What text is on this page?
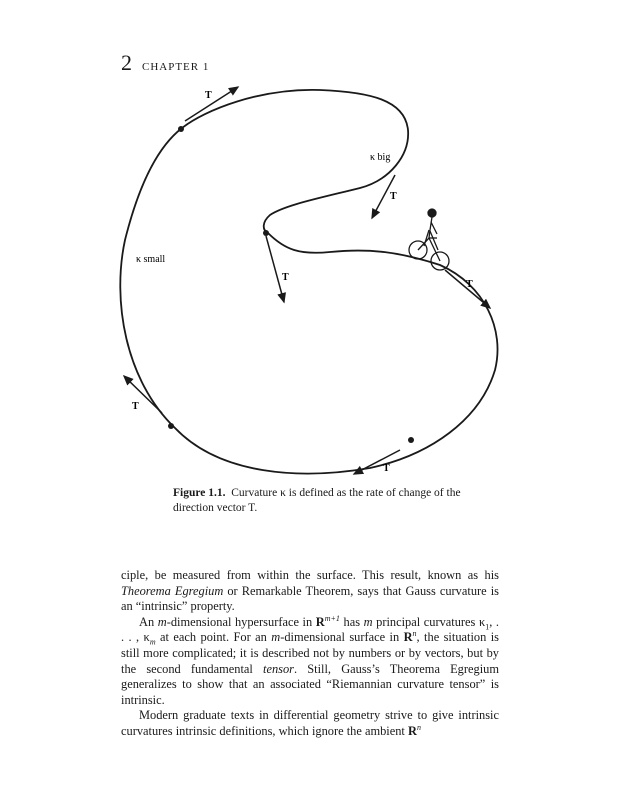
2 CHAPTER 1
κ big
κ small
T
T
T
T
T
T
Figure 1.1. Curvature κ is defined as the rate of change of the direction vector T.

ciple, be measured from within the surface. This result, known as his Theorema Egregium or Remarkable Theorem, says that Gauss curvature is an “intrinsic” property.

An m-dimensional hypersurface in $R^{m+1}$ has m principal curvatures $\kappa_1$, . . . , $\kappa_m$ at each point. For an m-dimensional surface in $R^n$, the situation is still more complicated; it is described not by numbers or by vectors, but by the second fundamental tensor. Still, Gauss’s Theorema Egregium generalizes to show that an associated “Riemannian curvature tensor” is intrinsic.

Modern graduate texts in differential geometry strive to give intrinsic curvatures intrinsic definitions, which ignore the ambient $R^n$
